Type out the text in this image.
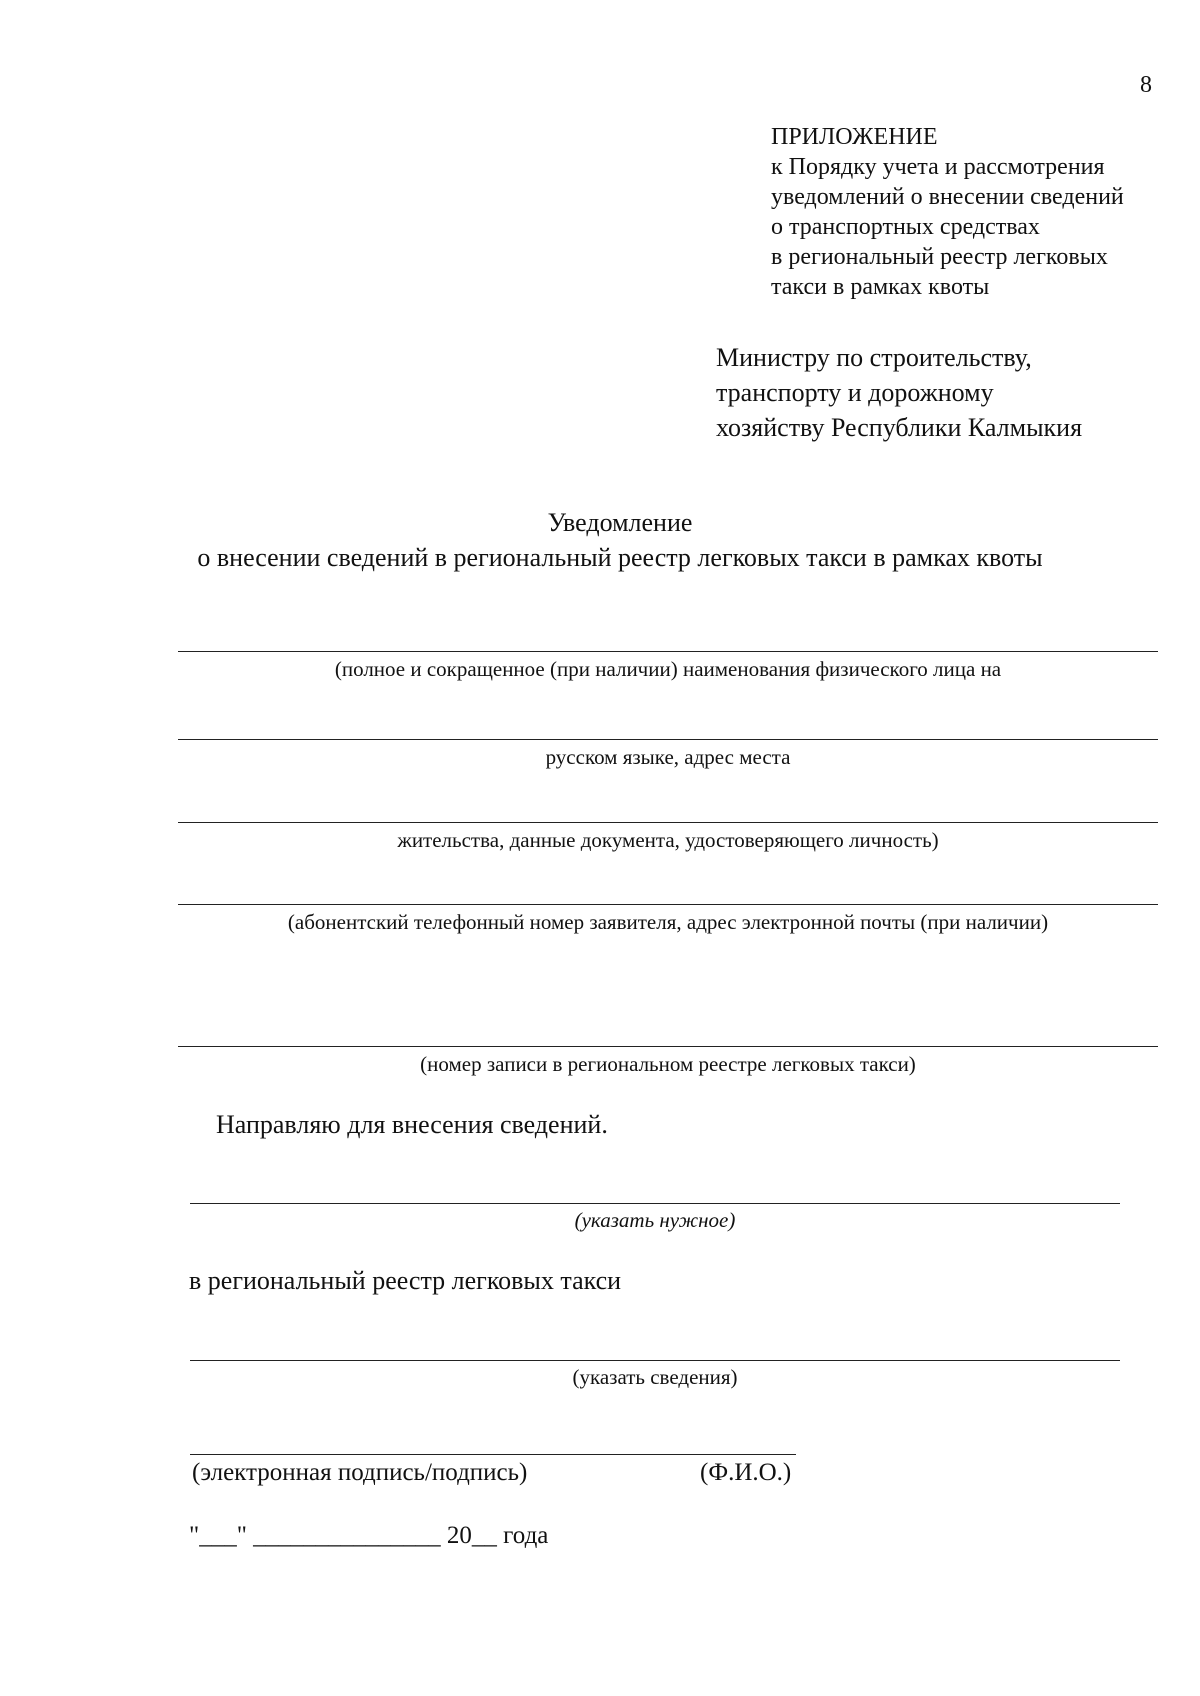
8
ПРИЛОЖЕНИЕ
к Порядку учета и рассмотрения
уведомлений о внесении сведений
о транспортных средствах
в региональный реестр легковых
такси в рамках квоты
Министру по строительству,
транспорту и дорожному
хозяйству Республики Калмыкия
Уведомление
о внесении сведений в региональный реестр легковых такси в рамках квоты
(полное и сокращенное (при наличии) наименования физического лица на
русском языке, адрес места
жительства, данные документа, удостоверяющего личность)
(абонентский телефонный номер заявителя, адрес электронной почты (при наличии)
(номер записи в региональном реестре легковых такси)
Направляю для внесения сведений.
(указать нужное)
в региональный реестр легковых такси
(указать сведения)
(электронная подпись/подпись)	(Ф.И.О.)
"___" _______________ 20__ года
